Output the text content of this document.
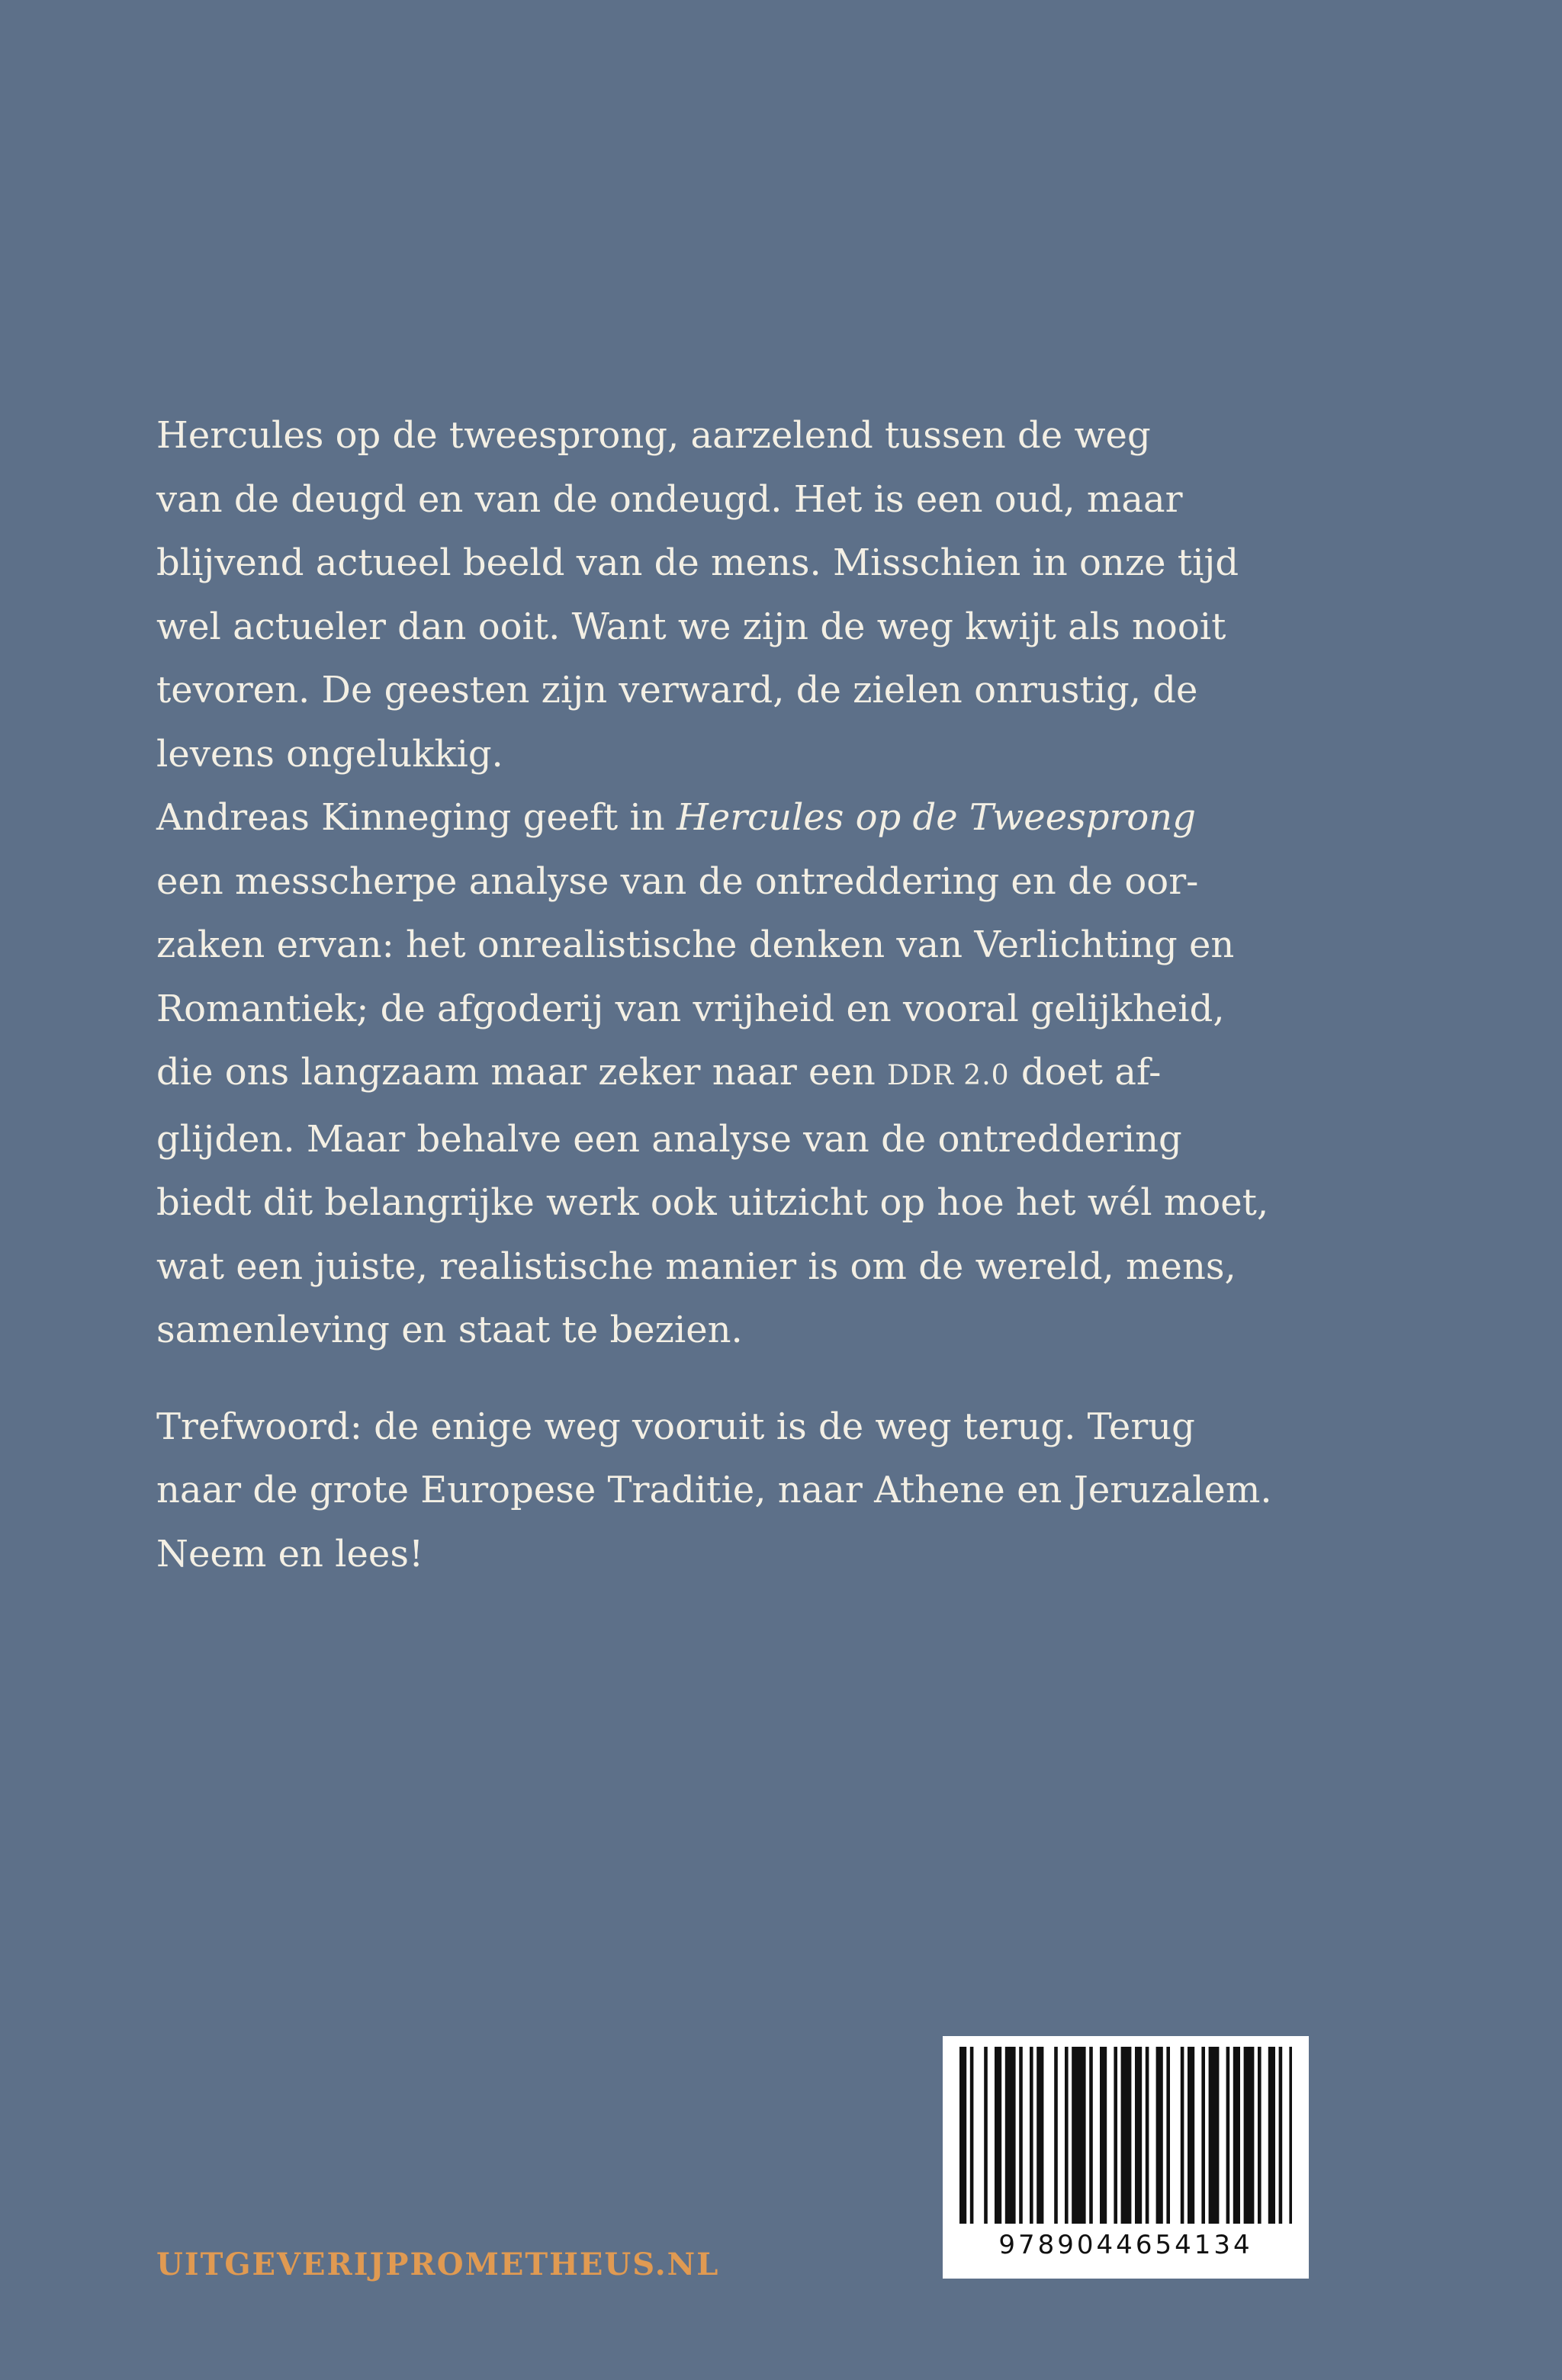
Hercules op de tweesprong, aarzelend tussen de weg
van de deugd en van de ondeugd. Het is een oud, maar
blijvend actueel beeld van de mens. Misschien in onze tijd
wel actueler dan ooit. Want we zijn de weg kwijt als nooit
tevoren. De geesten zijn verward, de zielen onrustig, de
levens ongelukkig.
Andreas Kinneging geeft in Hercules op de Tweesprong
een messcherpe analyse van de ontreddering en de oor-
zaken ervan: het onrealistische denken van Verlichting en
Romantiek; de afgoderij van vrijheid en vooral gelijkheid,
die ons langzaam maar zeker naar een DDR 2.0 doet af-
glijden. Maar behalve een analyse van de ontreddering
biedt dit belangrijke werk ook uitzicht op hoe het wél moet,
wat een juiste, realistische manier is om de wereld, mens,
samenleving en staat te bezien.
Trefwoord: de enige weg vooruit is de weg terug. Terug
naar de grote Europese Traditie, naar Athene en Jeruzalem.
Neem en lees!
UITGEVERIJPROMETHEUS.NL
9789044654134
